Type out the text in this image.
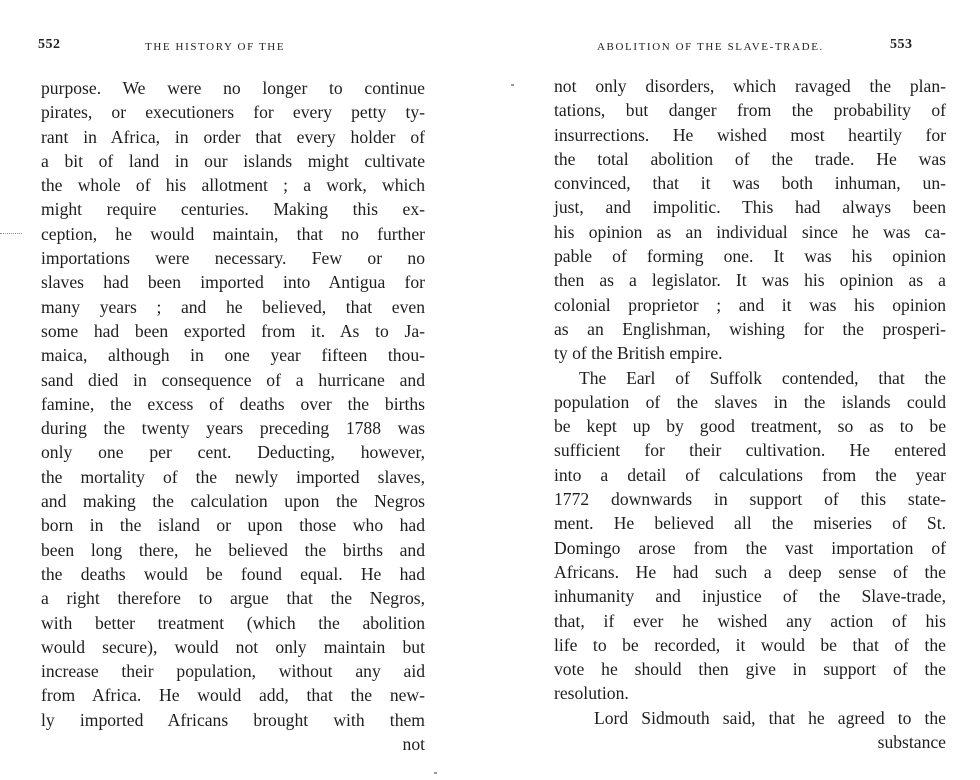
552	THE HISTORY OF THE
purpose. We were no longer to continue
pirates, or executioners for every petty ty-
rant in Africa, in order that every holder of
a bit of land in our islands might cultivate
the whole of his allotment ; a work, which
might require centuries. Making this ex-
ception, he would maintain, that no further
importations were necessary. Few or no
slaves had been imported into Antigua for
many years ; and he believed, that even
some had been exported from it. As to Ja-
maica, although in one year fifteen thou-
sand died in consequence of a hurricane and
famine, the excess of deaths over the births
during the twenty years preceding 1788 was
only one per cent. Deducting, however,
the mortality of the newly imported slaves,
and making the calculation upon the Negros
born in the island or upon those who had
been long there, he believed the births and
the deaths would be found equal. He had
a right therefore to argue that the Negros,
with better treatment (which the abolition
would secure), would not only maintain but
increase their population, without any aid
from Africa. He would add, that the new-
ly imported Africans brought with them
not
ABOLITION OF THE SLAVE-TRADE.	553
not only disorders, which ravaged the plan-
tations, but danger from the probability of
insurrections. He wished most heartily for
the total abolition of the trade. He was
convinced, that it was both inhuman, un-
just, and impolitic. This had always been
his opinion as an individual since he was ca-
pable of forming one. It was his opinion
then as a legislator. It was his opinion as a
colonial proprietor ; and it was his opinion
as an Englishman, wishing for the prosperi-
ty of the British empire.
The Earl of Suffolk contended, that the
population of the slaves in the islands could
be kept up by good treatment, so as to be
sufficient for their cultivation. He entered
into a detail of calculations from the year
1772 downwards in support of this state-
ment. He believed all the miseries of St.
Domingo arose from the vast importation of
Africans. He had such a deep sense of the
inhumanity and injustice of the Slave-trade,
that, if ever he wished any action of his
life to be recorded, it would be that of the
vote he should then give in support of the
resolution.
Lord Sidmouth said, that he agreed to the
substance
